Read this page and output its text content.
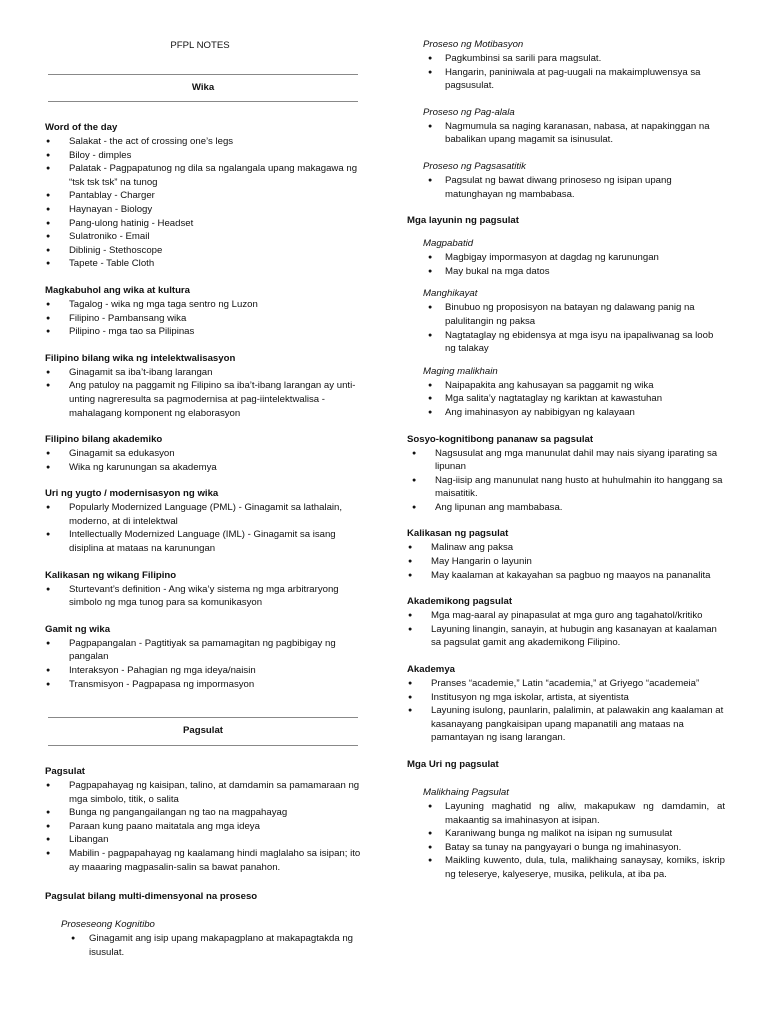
PFPL NOTES
Wika
Pagsulat
Word of the day
● Salakat - the act of crossing one’s legs
● Biloy - dimples
● Palatak - Pagpapatunog ng dila sa ngalangala upang makagawa ng “tsk tsk tsk” na tunog
● Pantablay - Charger
● Haynayan - Biology
● Pang-ulong hatinig - Headset
● Sulatroniko - Email
● Diblinig - Stethoscope
● Tapete - Table Cloth
Magkabuhol ang wika at kultura
● Tagalog - wika ng mga taga sentro ng Luzon
● Filipino - Pambansang wika
● Pilipino - mga tao sa Pilipinas
Filipino bilang wika ng intelektwalisasyon
● Ginagamit sa iba’t-ibang larangan
● Ang patuloy na paggamit ng Filipino sa iba’t-ibang larangan ay unti-unting nagreresulta sa pagmodernisa at pag-iintelektwalisa - mahalagang komponent ng elaborasyon
Filipino bilang akademiko
● Ginagamit sa edukasyon
● Wika ng karunungan sa akademya
Uri ng yugto / modernisasyon ng wika
● Popularly Modernized Language (PML) - Ginagamit sa lathalain, moderno, at di intelektwal
● Intellectually Modernized Language (IML) - Ginagamit sa isang disiplina at mataas na karunungan
Kalikasan ng wikang Filipino
● Sturtevant’s definition - Ang wika’y sistema ng mga arbitraryong simbolo ng mga tunog para sa komunikasyon
Gamit ng wika
● Pagpapangalan - Pagtitiyak sa pamamagitan ng pagbibigay ng pangalan
● Interaksyon - Pahagian ng mga ideya/naisin
● Transmisyon - Pagpapasa ng impormasyon
Pagsulat
● Pagpapahayag ng kaisipan, talino, at damdamin sa pamamaraan ng mga simbolo, titik, o salita
● Bunga ng pangangailangan ng tao na magpahayag
● Paraan kung paano maitatala ang mga ideya
● Libangan
● Mabilin - pagpapahayag ng kaalamang hindi maglalaho sa isipan; ito ay maaaring magpasalin-salin sa bawat panahon.
Pagsulat bilang multi-dimensyonal na proseso
Proseseong Kognitibo
● Ginagamit ang isip upang makapagplano at makapagtakda ng isusulat.
Proseso ng Motibasyon
● Pagkumbinsi sa sarili para magsulat.
● Hangarin, paniniwala at pag-uugali na makaimpluwensya sa pagsusulat.
Proseso ng Pag-alala
● Nagmumula sa naging karanasan, nabasa, at napakinggan na babalikan upang magamit sa isinusulat.
Proseso ng Pagsasatitik
● Pagsulat ng bawat diwang prinoseso ng isipan upang matunghayan ng mambabasa.
Mga layunin ng pagsulat
Magpabatid
● Magbigay impormasyon at dagdag ng karunungan
● May bukal na mga datos
Manghikayat
● Binubuo ng proposisyon na batayan ng dalawang panig na palulitangin ng paksa
● Nagtataglay ng ebidensya at mga isyu na ipapaliwanag sa loob ng talakay
Maging malikhain
● Naipapakita ang kahusayan sa paggamit ng wika
● Mga salita’y nagtataglay ng kariktan at kawastuhan
● Ang imahinasyon ay nabibigyan ng kalayaan
Sosyo-kognitibong pananaw sa pagsulat
● Nagsusulat ang mga manunulat dahil may nais siyang iparating sa lipunan
● Nag-iisip ang manunulat nang husto at huhulmahin ito hanggang sa maisatitik.
● Ang lipunan ang mambabasa.
Kalikasan ng pagsulat
● Malinaw ang paksa
● May Hangarin o layunin
● May kaalaman at kakayahan sa pagbuo ng maayos na pananalita
Akademikong pagsulat
● Mga mag-aaral ay pinapasulat at mga guro ang tagahatol/kritiko
● Layuning linangin, sanayin, at hubugin ang kasanayan at kaalaman sa pagsulat gamit ang akademikong Filipino.
Akademya
● Pranses “academie,” Latin “academia,” at Griyego “academeia”
● Institusyon ng mga iskolar, artista, at siyentista
● Layuning isulong, paunlarin, palalimin, at palawakin ang kaalaman at kasanayang pangkaisipan upang mapanatili ang mataas na pamantayan ng isang larangan.
Mga Uri ng pagsulat
Malikhaing Pagsulat
● Layuning maghatid ng aliw, makapukaw ng damdamin, at makaantig sa imahinasyon at isipan.
● Karaniwang bunga ng malikot na isipan ng sumusulat
● Batay sa tunay na pangyayari o bunga ng imahinasyon.
● Maikling kuwento, dula, tula, malikhaing sanaysay, komiks, iskrip ng teleserye, kalyeserye, musika, pelikula, at iba pa.
